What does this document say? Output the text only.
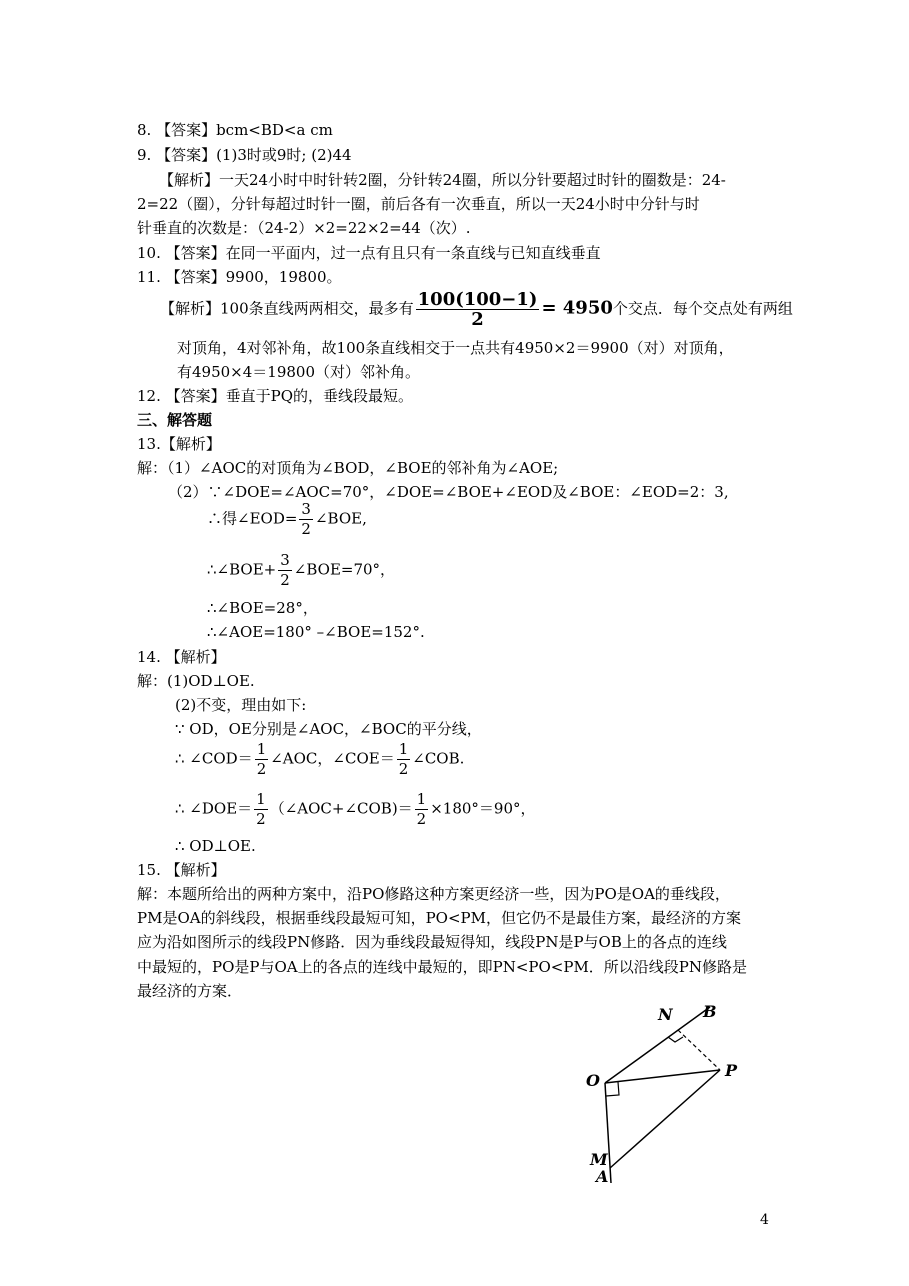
8. 【答案】bcm<BD<a cm
9. 【答案】(1)3时或9时; (2)44
【解析】一天24小时中时针转2圈，分针转24圈，所以分针要超过时针的圈数是：24-
2=22（圈），分针每超过时针一圈，前后各有一次垂直，所以一天24小时中分针与时
针垂直的次数是：（24-2）×2=22×2=44（次）.
10. 【答案】在同一平面内，过一点有且只有一条直线与已知直线垂直
11. 【答案】9900，19800。
【解析】100条直线两两相交，最多有 $\frac{100(100-1)}{2} = 4950$个交点．每个交点处有两组
对顶角，4对邻补角，故100条直线相交于一点共有4950×2＝9900（对）对顶角，
有4950×4＝19800（对）邻补角。
12. 【答案】垂直于PQ的，垂线段最短。
三、解答题
13.【解析】
解：（1）∠AOC的对顶角为∠BOD，∠BOE的邻补角为∠AOE;
（2）∵∠DOE=∠AOC=70°，∠DOE=∠BOE+∠EOD及∠BOE：∠EOD=2：3,
∴得∠EOD= $\frac{3}{2}$ ∠BOE,
∴∠BOE+ $\frac{3}{2}$ ∠BOE=70°，
∴∠BOE=28°，
∴∠AOE=180° –∠BOE=152°.
14. 【解析】
解：(1)OD⊥OE.
(2)不变，理由如下:
∵ OD，OE分别是∠AOC，∠BOC的平分线，
∴ ∠COD＝ $\frac{1}{2}$ ∠AOC，∠COE＝ $\frac{1}{2}$ ∠COB.
∴ ∠DOE＝ $\frac{1}{2}$ （∠AOC+∠COB)＝ $\frac{1}{2} \times 180^\circ=90^\circ$，
∴ OD⊥OE.
15. 【解析】
解：本题所给出的两种方案中，沿PO修路这种方案更经济一些，因为PO是OA的垂线段，
PM是OA的斜线段，根据垂线段最短可知，PO<PM，但它仍不是最佳方案，最经济的方案
应为沿如图所示的线段PN修路．因为垂线段最短得知，线段PN是P与OB上的各点的连线
中最短的，PO是P与OA上的各点的连线中最短的，即PN<PO<PM．所以沿线段PN修路是
最经济的方案．
N B
O
P
M
A
4
